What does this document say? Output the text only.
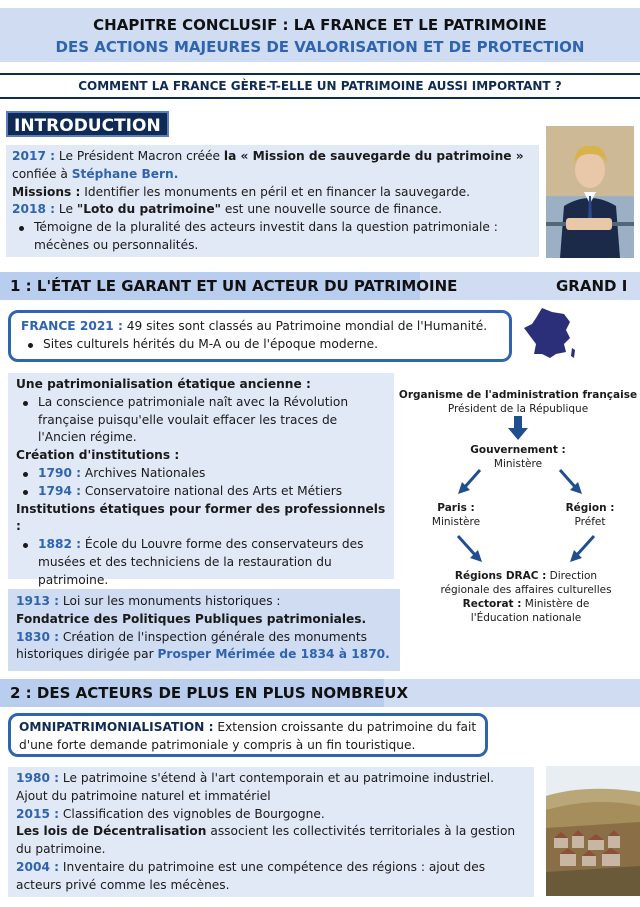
CHAPITRE CONCLUSIF : LA FRANCE ET LE PATRIMOINE
DES ACTIONS MAJEURES DE VALORISATION ET DE PROTECTION
COMMENT LA FRANCE GÈRE-T-ELLE UN PATRIMOINE AUSSI IMPORTANT ?
INTRODUCTION
2017 : Le Président Macron créée la « Mission de sauvegarde du patrimoine »
confiée à Stéphane Bern.
Missions : Identifier les monuments en péril et en financer la sauvegarde.
2018 : Le "Loto du patrimoine" est une nouvelle source de finance.
Témoigne de la pluralité des acteurs investit dans la question patrimoniale : mécènes ou personnalités.
1 : L'ÉTAT LE GARANT ET UN ACTEUR DU PATRIMOINE	GRAND I
FRANCE 2021 : 49 sites sont classés au Patrimoine mondial de l'Humanité.
Sites culturels hérités du M-A ou de l'époque moderne.
Une patrimonialisation étatique ancienne :
La conscience patrimoniale naît avec la Révolution française puisqu'elle voulait effacer les traces de l'Ancien régime.
Création d'institutions :
1790 : Archives Nationales
1794 : Conservatoire national des Arts et Métiers
Institutions étatiques pour former des professionnels :
1882 : École du Louvre forme des conservateurs des musées et des techniciens de la restauration du patrimoine.
1913 : Loi sur les monuments historiques :
Fondatrice des Politiques Publiques patrimoniales.
1830 : Création de l'inspection générale des monuments historiques dirigée par Prosper Mérimée de 1834 à 1870.
Organisme de l'administration française
Président de la République
Gouvernement :
Ministère
Paris :
Ministère
Région :
Préfet
Régions DRAC : Direction
régionale des affaires culturelles
Rectorat : Ministère de
l'Éducation nationale
2 : DES ACTEURS DE PLUS EN PLUS NOMBREUX
OMNIPATRIMONIALISATION : Extension croissante du patrimoine du fait d'une forte demande patrimoniale y compris à un fin touristique.
1980 : Le patrimoine s'étend à l'art contemporain et au patrimoine industriel. Ajout du patrimoine naturel et immatériel
2015 : Classification des vignobles de Bourgogne.
Les lois de Décentralisation associent les collectivités territoriales à la gestion du patrimoine.
2004 : Inventaire du patrimoine est une compétence des régions : ajout des acteurs privé comme les mécènes.
